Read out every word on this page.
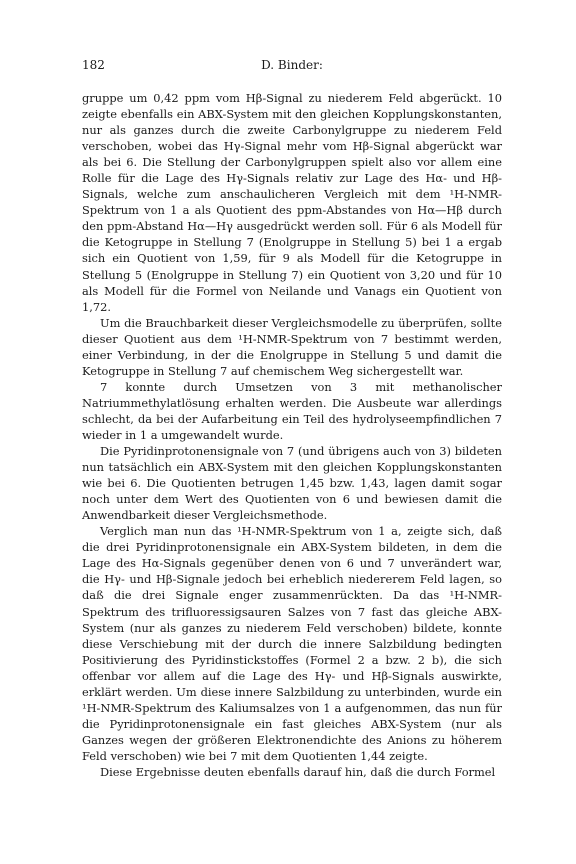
182	D. Binder:

gruppe um 0,42 ppm vom Hβ-Signal zu niederem Feld abgerückt. 10 zeigte ebenfalls ein ABX-System mit den gleichen Kopplungskonstanten, nur als ganzes durch die zweite Carbonylgruppe zu niederem Feld verschoben, wobei das Hγ-Signal mehr vom Hβ-Signal abgerückt war als bei 6. Die Stellung der Carbonylgruppen spielt also vor allem eine Rolle für die Lage des Hγ-Signals relativ zur Lage des Hα- und Hβ-Signals, welche zum anschaulicheren Vergleich mit dem ¹H-NMR-Spektrum von 1 a als Quotient des ppm-Abstandes von Hα—Hβ durch den ppm-Abstand Hα—Hγ ausgedrückt werden soll. Für 6 als Modell für die Ketogruppe in Stellung 7 (Enolgruppe in Stellung 5) bei 1 a ergab sich ein Quotient von 1,59, für 9 als Modell für die Ketogruppe in Stellung 5 (Enolgruppe in Stellung 7) ein Quotient von 3,20 und für 10 als Modell für die Formel von Neilande und Vanags ein Quotient von 1,72.

Um die Brauchbarkeit dieser Vergleichsmodelle zu überprüfen, sollte dieser Quotient aus dem ¹H-NMR-Spektrum von 7 bestimmt werden, einer Verbindung, in der die Enolgruppe in Stellung 5 und damit die Ketogruppe in Stellung 7 auf chemischem Weg sichergestellt war.

7 konnte durch Umsetzen von 3 mit methanolischer Natriummethylatlösung erhalten werden. Die Ausbeute war allerdings schlecht, da bei der Aufarbeitung ein Teil des hydrolyseempfindlichen 7 wieder in 1 a umgewandelt wurde.

Die Pyridinprotonensignale von 7 (und übrigens auch von 3) bildeten nun tatsächlich ein ABX-System mit den gleichen Kopplungskonstanten wie bei 6. Die Quotienten betrugen 1,45 bzw. 1,43, lagen damit sogar noch unter dem Wert des Quotienten von 6 und bewiesen damit die Anwendbarkeit dieser Vergleichsmethode.

Verglich man nun das ¹H-NMR-Spektrum von 1 a, zeigte sich, daß die drei Pyridinprotonensignale ein ABX-System bildeten, in dem die Lage des Hα-Signals gegenüber denen von 6 und 7 unverändert war, die Hγ- und Hβ-Signale jedoch bei erheblich niedererem Feld lagen, so daß die drei Signale enger zusammenrückten. Da das ¹H-NMR-Spektrum des trifluoressigsauren Salzes von 7 fast das gleiche ABX-System (nur als ganzes zu niederem Feld verschoben) bildete, konnte diese Verschiebung mit der durch die innere Salzbildung bedingten Positivierung des Pyridinstickstoffes (Formel 2 a bzw. 2 b), die sich offenbar vor allem auf die Lage des Hγ- und Hβ-Signals auswirkte, erklärt werden. Um diese innere Salzbildung zu unterbinden, wurde ein ¹H-NMR-Spektrum des Kaliumsalzes von 1 a aufgenommen, das nun für die Pyridinprotonensignale ein fast gleiches ABX-System (nur als Ganzes wegen der größeren Elektronendichte des Anions zu höherem Feld verschoben) wie bei 7 mit dem Quotienten 1,44 zeigte.

Diese Ergebnisse deuten ebenfalls darauf hin, daß die durch Formel
